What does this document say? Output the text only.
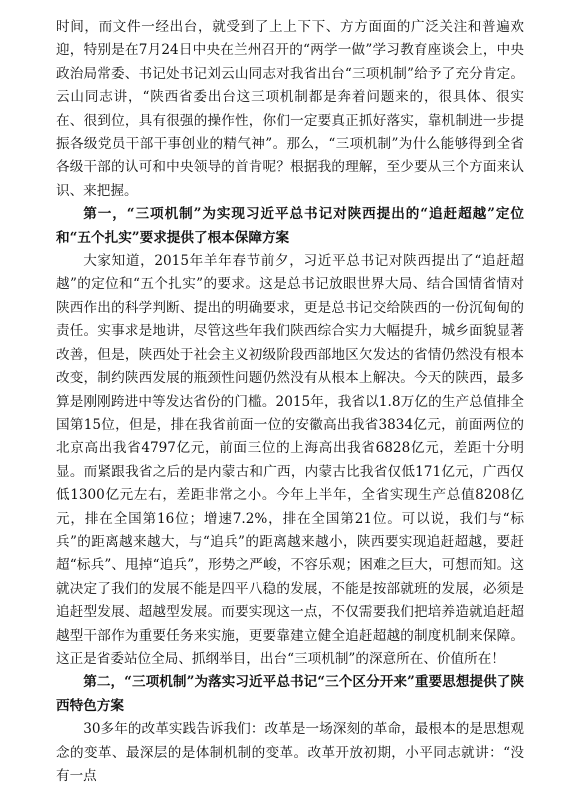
时间，而文件一经出台，就受到了上上下下、方方面面的广泛关注和普遍欢迎，特别是在7月24日中央在兰州召开的“两学一做”学习教育座谈会上，中央政治局常委、书记处书记刘云山同志对我省出台“三项机制”给予了充分肯定。云山同志讲，“陕西省委出台这三项机制都是奔着问题来的，很具体、很实在、很到位，具有很强的操作性，你们一定要真正抓好落实，靠机制进一步提振各级党员干部干事创业的精气神”。那么，“三项机制”为什么能够得到全省各级干部的认可和中央领导的首肯呢？根据我的理解，至少要从三个方面来认识、来把握。

第一，“三项机制”为实现习近平总书记对陕西提出的“追赶超越”定位和“五个扎实”要求提供了根本保障方案

大家知道，2015年羊年春节前夕，习近平总书记对陕西提出了“追赶超越”的定位和“五个扎实”的要求。这是总书记放眼世界大局、结合国情省情对陕西作出的科学判断、提出的明确要求，更是总书记交给陕西的一份沉甸甸的责任。实事求是地讲，尽管这些年我们陕西综合实力大幅提升，城乡面貌显著改善，但是，陕西处于社会主义初级阶段西部地区欠发达的省情仍然没有根本改变，制约陕西发展的瓶颈性问题仍然没有从根本上解决。今天的陕西，最多算是刚刚跨进中等发达省份的门槛。2015年，我省以1.8万亿的生产总值排全国第15位，但是，排在我省前面一位的安徽高出我省3834亿元，前面两位的北京高出我省4797亿元，前面三位的上海高出我省6828亿元，差距十分明显。而紧跟我省之后的是内蒙古和广西，内蒙古比我省仅低171亿元，广西仅低1300亿元左右，差距非常之小。今年上半年，全省实现生产总值8208亿元，排在全国第16位；增速7.2%，排在全国第21位。可以说，我们与“标兵”的距离越来越大，与“追兵”的距离越来越小，陕西要实现追赶超越，要赶超“标兵”、甩掉“追兵”，形势之严峻，不容乐观；困难之巨大，可想而知。这就决定了我们的发展不能是四平八稳的发展，不能是按部就班的发展，必须是追赶型发展、超越型发展。而要实现这一点，不仅需要我们把培养造就追赶超越型干部作为重要任务来实施，更要靠建立健全追赶超越的制度机制来保障。这正是省委站位全局、抓纲举目，出台“三项机制”的深意所在、价值所在！

第二，“三项机制”为落实习近平总书记“三个区分开来”重要思想提供了陕西特色方案

30多年的改革实践告诉我们：改革是一场深刻的革命，最根本的是思想观念的变革、最深层的是体制机制的变革。改革开放初期，小平同志就讲：“没有一点
